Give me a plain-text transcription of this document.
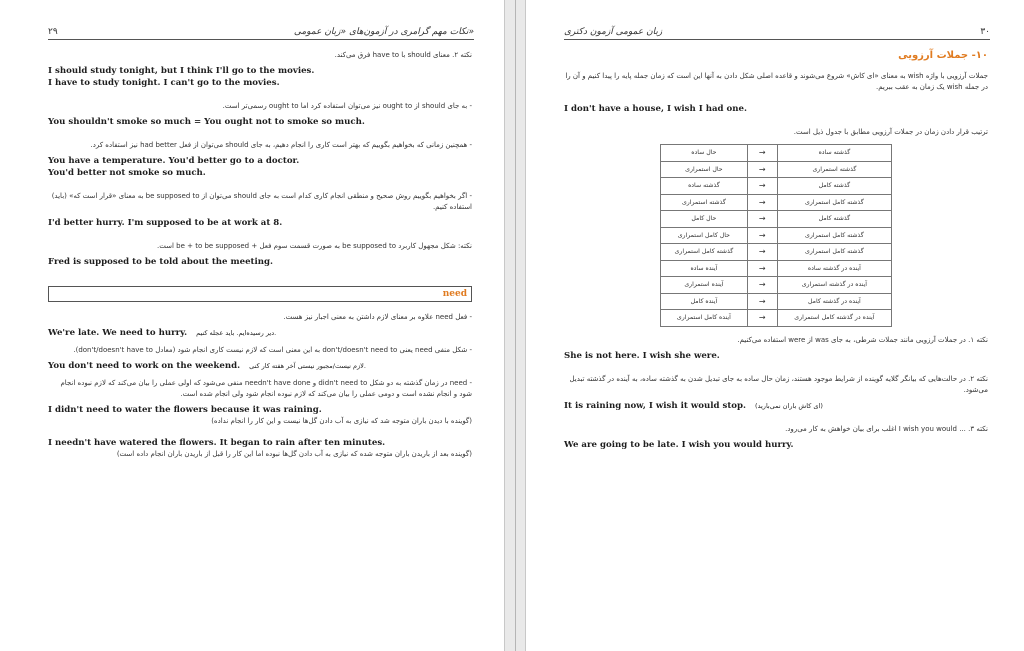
۲۹	نکات مهم گرامری در آزمون‌های «زبان عمومی»
نکته ۲. معنای should با have to فرق می‌کند.
I should study tonight, but I think I'll go to the movies.
I have to study tonight. I can't go to the movies.
- به جای should از ought to نیز می‌توان استفاده کرد اما ought to رسمی‌تر است.
You shouldn't smoke so much = You ought not to smoke so much.
- همچنین زمانی که بخواهیم بگوییم که بهتر است کاری را انجام دهیم، به جای should می‌توان از فعل had better نیز استفاده کرد.
You have a temperature. You'd better go to a doctor.
You'd better not smoke so much.
- اگر بخواهیم بگوییم روش صحیح و منطقی انجام کاری کدام است به جای should می‌توان از be supposed to به معنای «قرار است که» (باید) استفاده کنیم.
I'd better hurry. I'm supposed to be at work at 8.
نکته: شکل مجهول کاربرد be supposed to به صورت قسمت سوم فعل + be + to be supposed است.
Fred is supposed to be told about the meeting.
need
- فعل need علاوه بر معنای لازم داشتن به معنی اجبار نیز هست.
We're late. We need to hurry. دیر رسیده‌ایم. باید عجله کنیم.
- شکل منفی need یعنی don't/doesn't need to به این معنی است که لازم نیست کاری انجام شود (معادل don't/doesn't have to).
You don't need to work on the weekend. لازم نیست/مجبور نیستی آخر هفته کار کنی.
- need در زمان گذشته به دو شکل didn't need to و needn't have done منفی می‌شود که اولی عملی را بیان می‌کند که لازم نبوده انجام شود و انجام نشده است و دومی عملی را بیان می‌کند که لازم نبوده انجام شود ولی انجام شده است.
I didn't need to water the flowers because it was raining.
(گوینده با دیدن باران متوجه شد که نیازی به آب دادن گل‌ها نیست و این کار را انجام نداده)
I needn't have watered the flowers. It began to rain after ten minutes.
(گوینده بعد از باریدن باران متوجه شده که نیازی به آب دادن گل‌ها نبوده اما این کار را قبل از باریدن باران انجام داده است)
زبان عمومی آزمون دکتری	۳۰
۱۰- جملات آرزویی
جملات آرزویی با واژه wish به معنای «ای کاش» شروع می‌شوند و قاعده اصلی شکل دادن به آنها این است که زمان جمله پایه را پیدا کنیم و آن را در جمله wish یک زمان به عقب ببریم.
I don't have a house, I wish I had one.
ترتیب قرار دادن زمان در جملات آرزویی مطابق با جدول ذیل است.
گذشته ساده	→	حال ساده
گذشته استمراری	→	حال استمراری
گذشته کامل	→	گذشته ساده
گذشته کامل استمراری	→	گذشته استمراری
گذشته کامل	→	حال کامل
گذشته کامل استمراری	→	حال کامل استمراری
گذشته کامل استمراری	→	گذشته کامل استمراری
آینده در گذشته ساده	→	آینده ساده
آینده در گذشته استمراری	→	آینده استمراری
آینده در گذشته کامل	→	آینده کامل
آینده در گذشته کامل استمراری	→	آینده کامل استمراری
نکته ۱. در جملات آرزویی مانند جملات شرطی، به جای was از were استفاده می‌کنیم.
She is not here. I wish she were.
نکته ۲. در حالت‌هایی که بیانگر گلایه گوینده از شرایط موجود هستند، زمان حال ساده به جای تبدیل شدن به گذشته ساده، به آینده در گذشته تبدیل می‌شود.
It is raining now, I wish it would stop. (ای کاش باران نمی‌بارید)
نکته ۳. ... I wish you would اغلب برای بیان خواهش به کار می‌رود.
We are going to be late. I wish you would hurry.
